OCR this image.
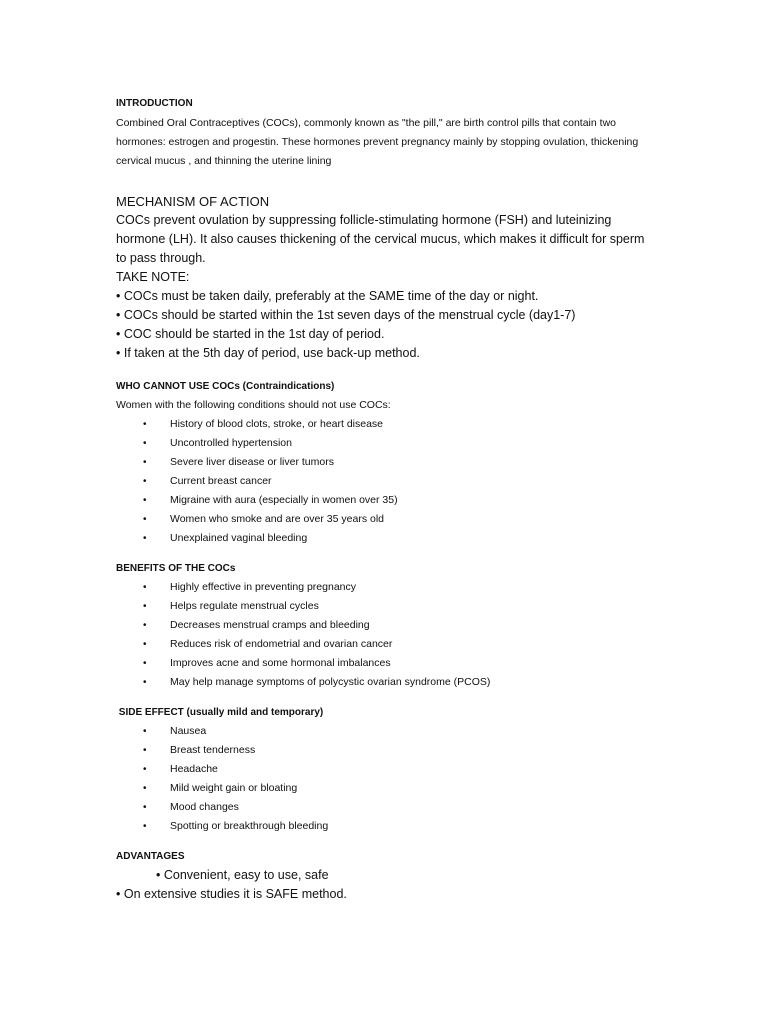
INTRODUCTION

Combined Oral Contraceptives (COCs), commonly known as "the pill," are birth control pills that contain two

hormones: estrogen and progestin. These hormones prevent pregnancy mainly by stopping ovulation, thickening

cervical mucus , and thinning the uterine lining

MECHANISM OF ACTION

COCs prevent ovulation by suppressing follicle-stimulating hormone (FSH) and luteinizing

hormone (LH). It also causes thickening of the cervical mucus, which makes it difficult for sperm

to pass through.

TAKE NOTE:

• COCs must be taken daily, preferably at the SAME time of the day or night.

• COCs should be started within the 1st seven days of the menstrual cycle (day1-7)

• COC should be started in the 1st day of period.

• If taken at the 5th day of period, use back-up method.

WHO CANNOT USE COCs (Contraindications)

Women with the following conditions should not use COCs:

• History of blood clots, stroke, or heart disease
• Uncontrolled hypertension
• Severe liver disease or liver tumors
• Current breast cancer
• Migraine with aura (especially in women over 35)
• Women who smoke and are over 35 years old
• Unexplained vaginal bleeding

BENEFITS OF THE COCs

• Highly effective in preventing pregnancy
• Helps regulate menstrual cycles
• Decreases menstrual cramps and bleeding
• Reduces risk of endometrial and ovarian cancer
• Improves acne and some hormonal imbalances
• May help manage symptoms of polycystic ovarian syndrome (PCOS)

SIDE EFFECT (usually mild and temporary)

• Nausea
• Breast tenderness
• Headache
• Mild weight gain or bloating
• Mood changes
• Spotting or breakthrough bleeding

ADVANTAGES

• Convenient, easy to use, safe

• On extensive studies it is SAFE method.
